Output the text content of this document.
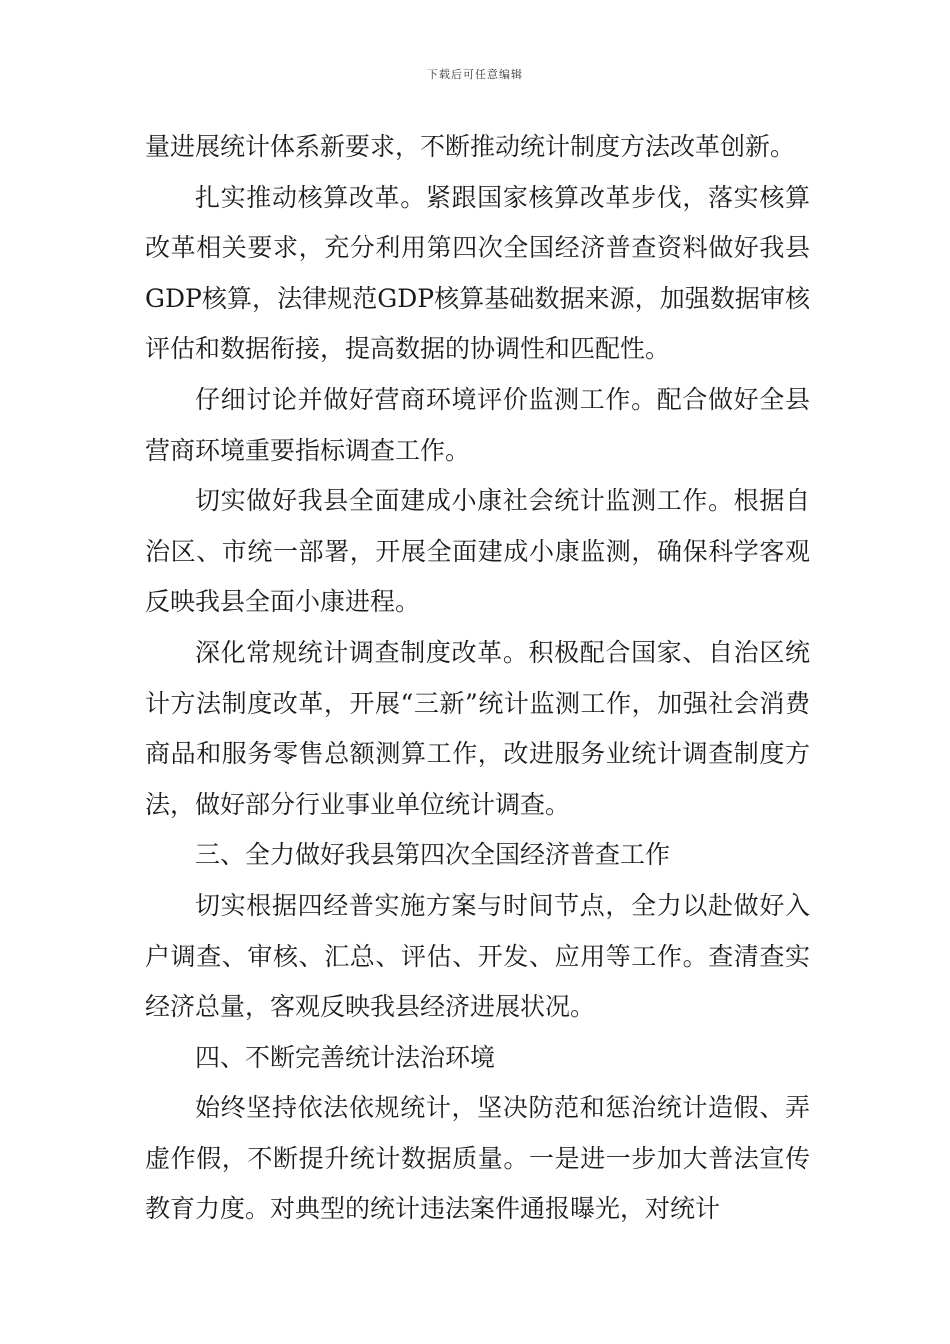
下载后可任意编辑

量进展统计体系新要求，不断推动统计制度方法改革创新。

扎实推动核算改革。紧跟国家核算改革步伐，落实核算改革相关要求，充分利用第四次全国经济普查资料做好我县GDP核算，法律规范GDP核算基础数据来源，加强数据审核评估和数据衔接，提高数据的协调性和匹配性。

仔细讨论并做好营商环境评价监测工作。配合做好全县营商环境重要指标调查工作。

切实做好我县全面建成小康社会统计监测工作。根据自治区、市统一部署，开展全面建成小康监测，确保科学客观反映我县全面小康进程。

深化常规统计调查制度改革。积极配合国家、自治区统计方法制度改革，开展“三新”统计监测工作，加强社会消费商品和服务零售总额测算工作，改进服务业统计调查制度方法，做好部分行业事业单位统计调查。

三、全力做好我县第四次全国经济普查工作

切实根据四经普实施方案与时间节点，全力以赴做好入户调查、审核、汇总、评估、开发、应用等工作。查清查实经济总量，客观反映我县经济进展状况。

四、不断完善统计法治环境

始终坚持依法依规统计，坚决防范和惩治统计造假、弄虚作假，不断提升统计数据质量。一是进一步加大普法宣传教育力度。对典型的统计违法案件通报曝光，对统计
